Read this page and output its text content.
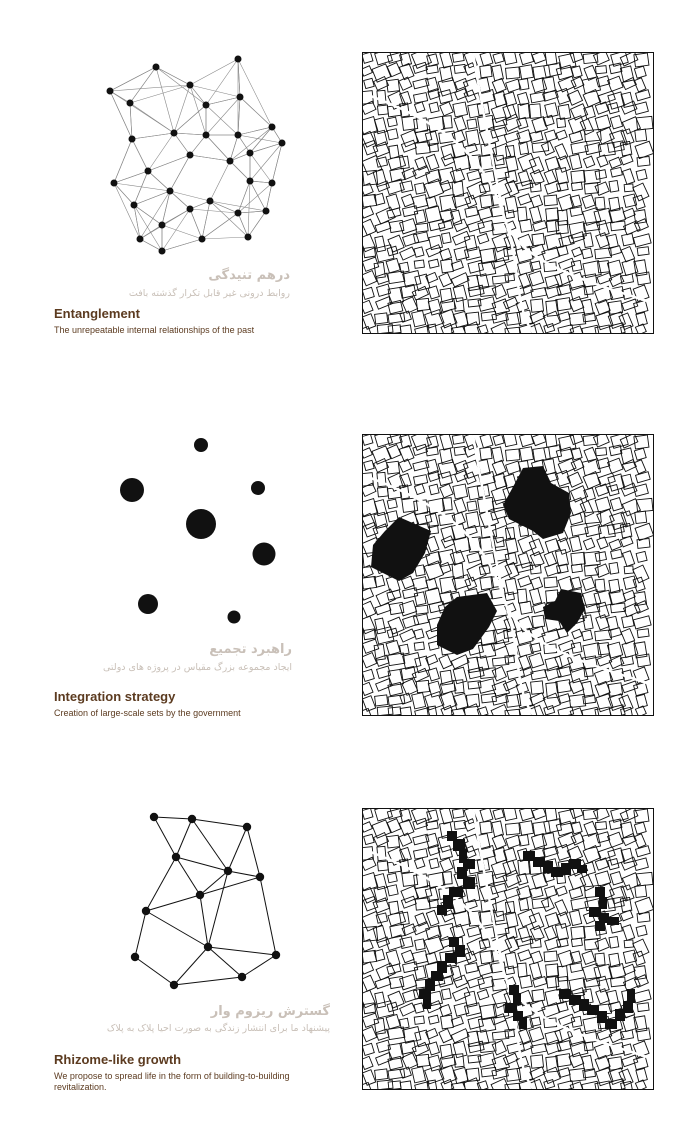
درهم تنیدگی
روابط درونی غیر قابل تکرار گذشته بافت
Entanglement
The unrepeatable internal relationships of the past
راهبرد تجمیع
ایجاد مجموعه بزرگ مقیاس در پروژه های دولتی
Integration strategy
Creation of large-scale sets by the government
گسترش ریزوم وار
پیشنهاد ما برای انتشار زندگی به صورت احیا پلاک به پلاک
Rhizome-like growth
We propose to spread life in the form of building-to-building revitalization.
